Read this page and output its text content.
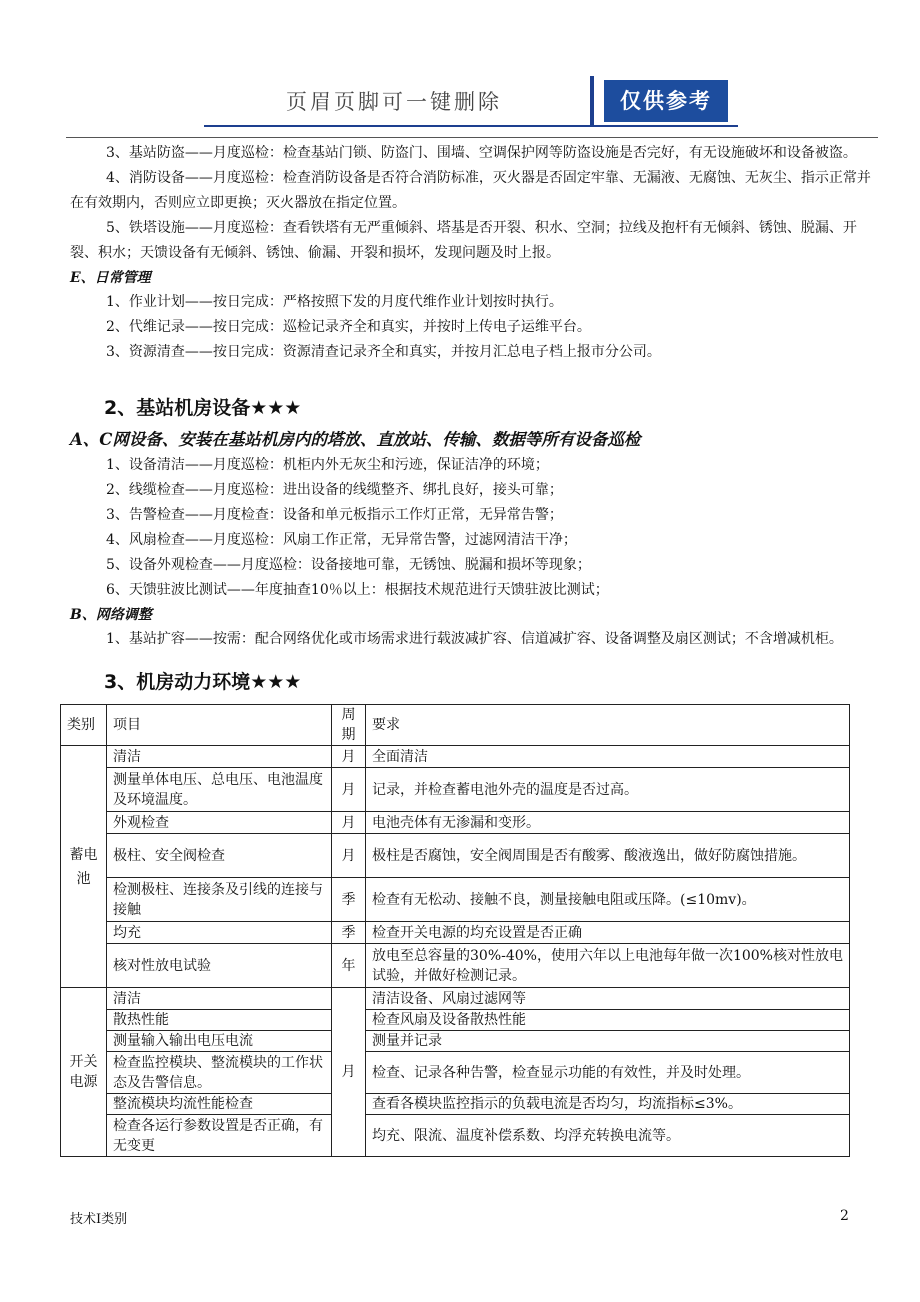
页眉页脚可一键删除	仅供参考

3、基站防盗——月度巡检：检查基站门锁、防盗门、围墙、空调保护网等防盗设施是否完好，有无设施破坏和设备被盗。

4、消防设备——月度巡检：检查消防设备是否符合消防标准，灭火器是否固定牢靠、无漏液、无腐蚀、无灰尘、指示正常并在有效期内，否则应立即更换；灭火器放在指定位置。

5、铁塔设施——月度巡检：查看铁塔有无严重倾斜、塔基是否开裂、积水、空洞；拉线及抱杆有无倾斜、锈蚀、脱漏、开裂、积水；天馈设备有无倾斜、锈蚀、偷漏、开裂和损坏，发现问题及时上报。

E、日常管理

1、作业计划——按日完成：严格按照下发的月度代维作业计划按时执行。

2、代维记录——按日完成：巡检记录齐全和真实，并按时上传电子运维平台。

3、资源清查——按日完成：资源清查记录齐全和真实，并按月汇总电子档上报市分公司。

2、基站机房设备★★★

A、C网设备、安装在基站机房内的塔放、直放站、传输、数据等所有设备巡检

1、设备清洁——月度巡检：机柜内外无灰尘和污迹，保证洁净的环境；

2、线缆检查——月度巡检：进出设备的线缆整齐、绑扎良好，接头可靠；

3、告警检查——月度检查：设备和单元板指示工作灯正常，无异常告警；

4、风扇检查——月度巡检：风扇工作正常，无异常告警，过滤网清洁干净；

5、设备外观检查——月度巡检：设备接地可靠，无锈蚀、脱漏和损坏等现象；

6、天馈驻波比测试——年度抽查10％以上：根据技术规范进行天馈驻波比测试；

B、网络调整

1、基站扩容——按需：配合网络优化或市场需求进行载波减扩容、信道减扩容、设备调整及扇区测试；不含增减机柜。

3、机房动力环境★★★

类别	项目	周期	要求
蓄电池	清洁	月	全面清洁
	测量单体电压、总电压、电池温度及环境温度。	月	记录，并检查蓄电池外壳的温度是否过高。
	外观检查	月	电池壳体有无渗漏和变形。
	极柱、安全阀检查	月	极柱是否腐蚀，安全阀周围是否有酸雾、酸液逸出，做好防腐蚀措施。
	检测极柱、连接条及引线的连接与接触	季	检查有无松动、接触不良，测量接触电阻或压降。(≤10mv)。
	均充	季	检查开关电源的均充设置是否正确
	核对性放电试验	年	放电至总容量的30%-40%，使用六年以上电池每年做一次100%核对性放电试验，并做好检测记录。
开关电源	清洁	月	清洁设备、风扇过滤网等
	散热性能		检查风扇及设备散热性能
	测量输入输出电压电流		测量并记录
	检查监控模块、整流模块的工作状态及告警信息。		检查、记录各种告警，检查显示功能的有效性，并及时处理。
	整流模块均流性能检查		查看各模块监控指示的负载电流是否均匀，均流指标≤3%。
	检查各运行参数设置是否正确，有无变更		均充、限流、温度补偿系数、均浮充转换电流等。
技术I类别	2
